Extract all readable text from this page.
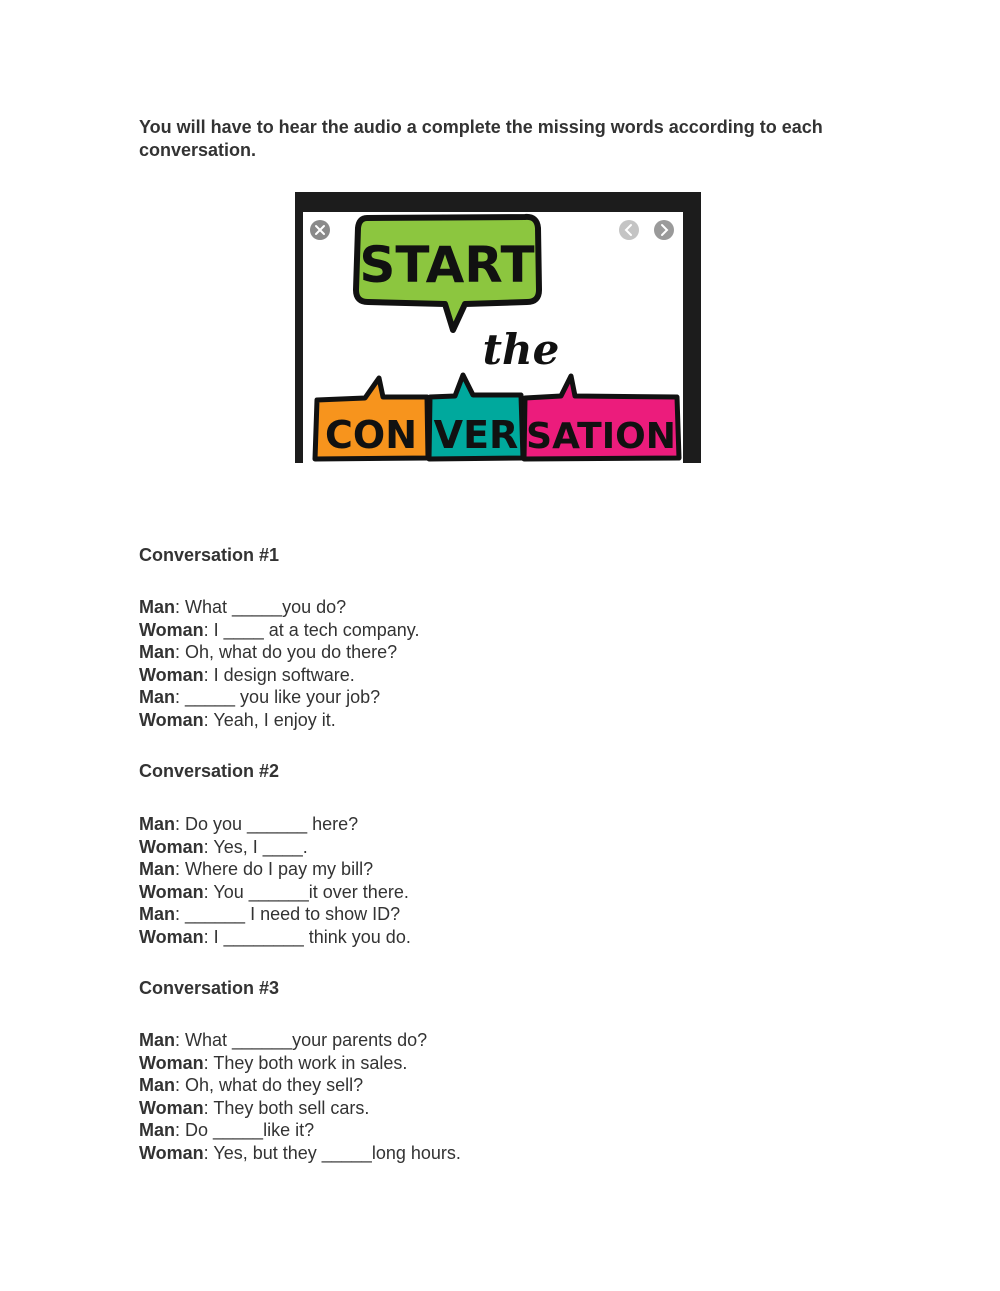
You will have to hear the audio a complete the missing words according to each conversation.

START
the
CON VER SATION
Conversation #1
Man: What _____you do?
Woman: I ____ at a tech company.
Man: Oh, what do you do there?
Woman: I design software.
Man: _____ you like your job?
Woman: Yeah, I enjoy it.
Conversation #2
Man: Do you ______ here?
Woman: Yes, I ____.
Man: Where do I pay my bill?
Woman: You ______it over there.
Man: ______ I need to show ID?
Woman: I ________ think you do.
Conversation #3
Man: What ______your parents do?
Woman: They both work in sales.
Man: Oh, what do they sell?
Woman: They both sell cars.
Man: Do _____like it?
Woman: Yes, but they _____long hours.
